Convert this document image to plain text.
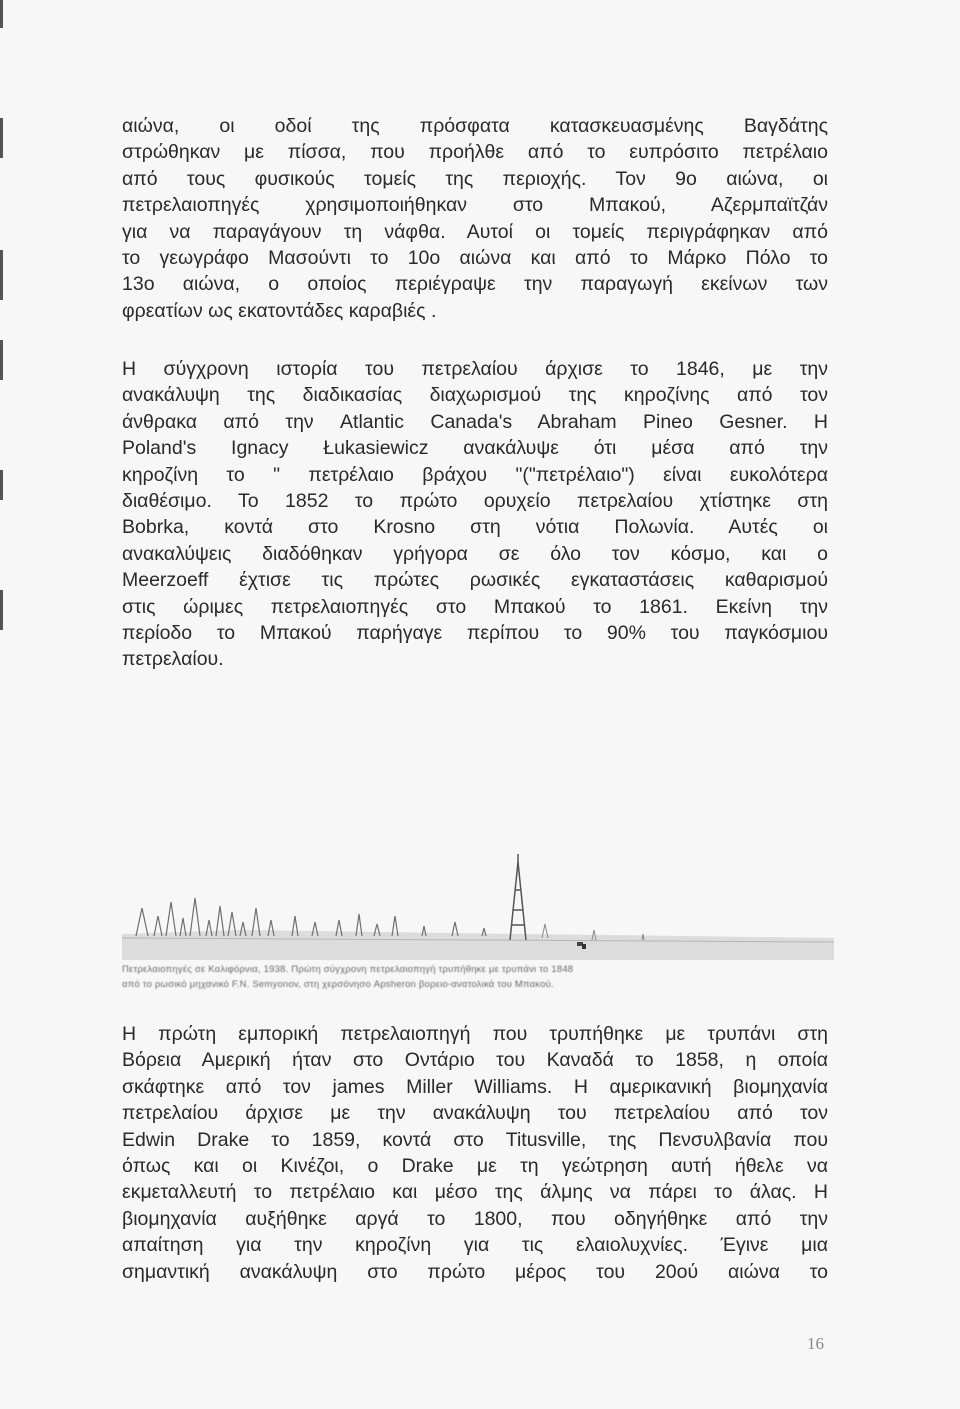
αιώνα, οι οδοί της πρόσφατα κατασκευασμένης Βαγδάτης
στρώθηκαν με πίσσα, που προήλθε από το ευπρόσιτο πετρέλαιο
από τους φυσικούς τομείς της περιοχής. Τον 9ο αιώνα, οι
πετρελαιοπηγές χρησιμοποιήθηκαν στο Μπακού, Αζερμπαϊτζάν
για να παραγάγουν τη νάφθα. Αυτοί οι τομείς περιγράφηκαν από
το γεωγράφο Μασούντι το 10ο αιώνα και από το Μάρκο Πόλο το
13ο αιώνα, ο οποίος περιέγραψε την παραγωγή εκείνων των
φρεατίων ως εκατοντάδες καραβιές .

Η σύγχρονη ιστορία του πετρελαίου άρχισε το 1846, με την
ανακάλυψη της διαδικασίας διαχωρισμού της κηροζίνης από τον
άνθρακα από την Atlantic Canada's Abraham Pineo Gesner. Η
Poland's Ignacy Łukasiewicz ανακάλυψε ότι μέσα από την
κηροζίνη το " πετρέλαιο βράχου "("πετρέλαιο") είναι ευκολότερα
διαθέσιμο. Το 1852 το πρώτο ορυχείο πετρελαίου χτίστηκε στη
Bobrka, κοντά στο Krosno στη νότια Πολωνία. Αυτές οι
ανακαλύψεις διαδόθηκαν γρήγορα σε όλο τον κόσμο, και ο
Meerzoeff έχτισε τις πρώτες ρωσικές εγκαταστάσεις καθαρισμού
στις ώριμες πετρελαιοπηγές στο Μπακού το 1861. Εκείνη την
περίοδο το Μπακού παρήγαγε περίπου το 90% του παγκόσμιου
πετρελαίου.

Πετρελαιοπηγές σε Καλιφόρνια, 1938. Πρώτη σύγχρονη πετρελαιοπηγή τρυπήθηκε με τρυπάνι το 1848
από το ρωσικό μηχανικό F.N. Semyonov, στη χερσόνησο Apsheron βορειο-ανατολικά του Μπακού.

Η πρώτη εμπορική πετρελαιοπηγή που τρυπήθηκε με τρυπάνι στη
Βόρεια Αμερική ήταν στο Οντάριο του Καναδά το 1858, η οποία
σκάφτηκε από τον james Miller Williams. Η αμερικανική βιομηχανία
πετρελαίου άρχισε με την ανακάλυψη του πετρελαίου από τον
Edwin Drake το 1859, κοντά στο Titusville, της Πενσυλβανία που
όπως και οι Κινέζοι, ο Drake με τη γεώτρηση αυτή ήθελε να
εκμεταλλευτή το πετρέλαιο και μέσο της άλμης να πάρει το άλας. Η
βιομηχανία αυξήθηκε αργά το 1800, που οδηγήθηκε από την
απαίτηση για την κηροζίνη για τις ελαιολυχνίες. Έγινε μια
σημαντική ανακάλυψη στο πρώτο μέρος του 20ού αιώνα το

16
